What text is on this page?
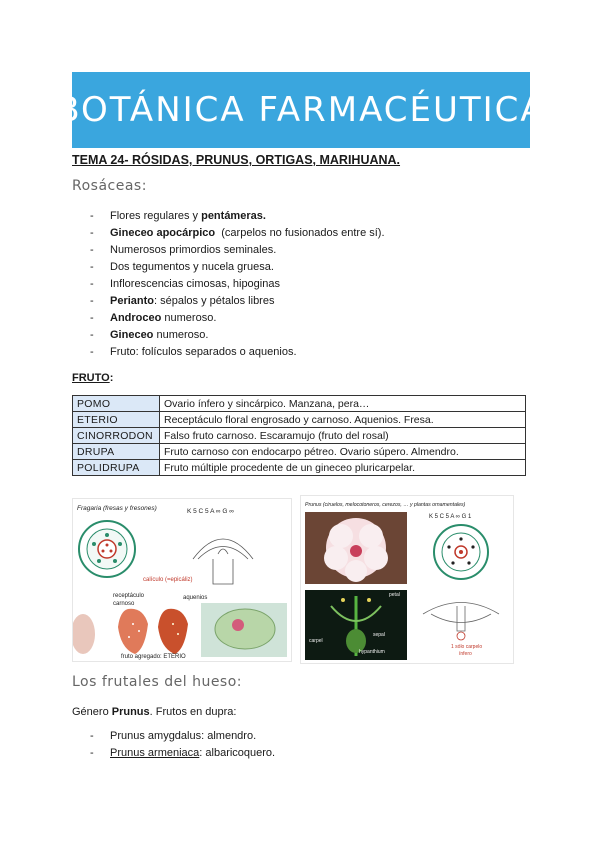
BOTÁNICA FARMACÉUTICA
TEMA 24- RÓSIDAS, PRUNUS, ORTIGAS, MARIHUANA.
Rosáceas:
- Flores regulares y pentámeras.
- Gineceo apocárpico  (carpelos no fusionados entre sí).
- Numerosos primordios seminales.
- Dos tegumentos y nucela gruesa.
- Inflorescencias cimosas, hipoginas
- Perianto: sépalos y pétalos libres
- Androceo numeroso.
- Gineceo numeroso.
- Fruto: folículos separados o aquenios.
FRUTO:
POMO	Ovario ínfero y sincárpico. Manzana, pera…
ETERIO	Receptáculo floral engrosado y carnoso. Aquenios. Fresa.
CINORRODON	Falso fruto carnoso. Escaramujo (fruto del rosal)
DRUPA	Fruto carnoso con endocarpo pétreo. Ovario súpero. Almendro.
POLIDRUPA	Fruto múltiple procedente de un gineceo pluricarpelar.
Fragaria (fresas y fresones)	K 5 C 5 A ∞ G ∞
calículo (=epicáliz)
receptáculo
carnoso
aquenios
fruto agregado: ETERIO
Prunus (ciruelos, melocotoneros, cerezos, … y plantas ornamentales)
K 5 C 5 A ∞ G 1
petal
sepal
carpel
hypanthium
1 sólo carpelo
ínfero
Los frutales del hueso:
Género Prunus. Frutos en dupra:
- Prunus amygdalus: almendro.
- Prunus armeniaca: albaricoquero.
